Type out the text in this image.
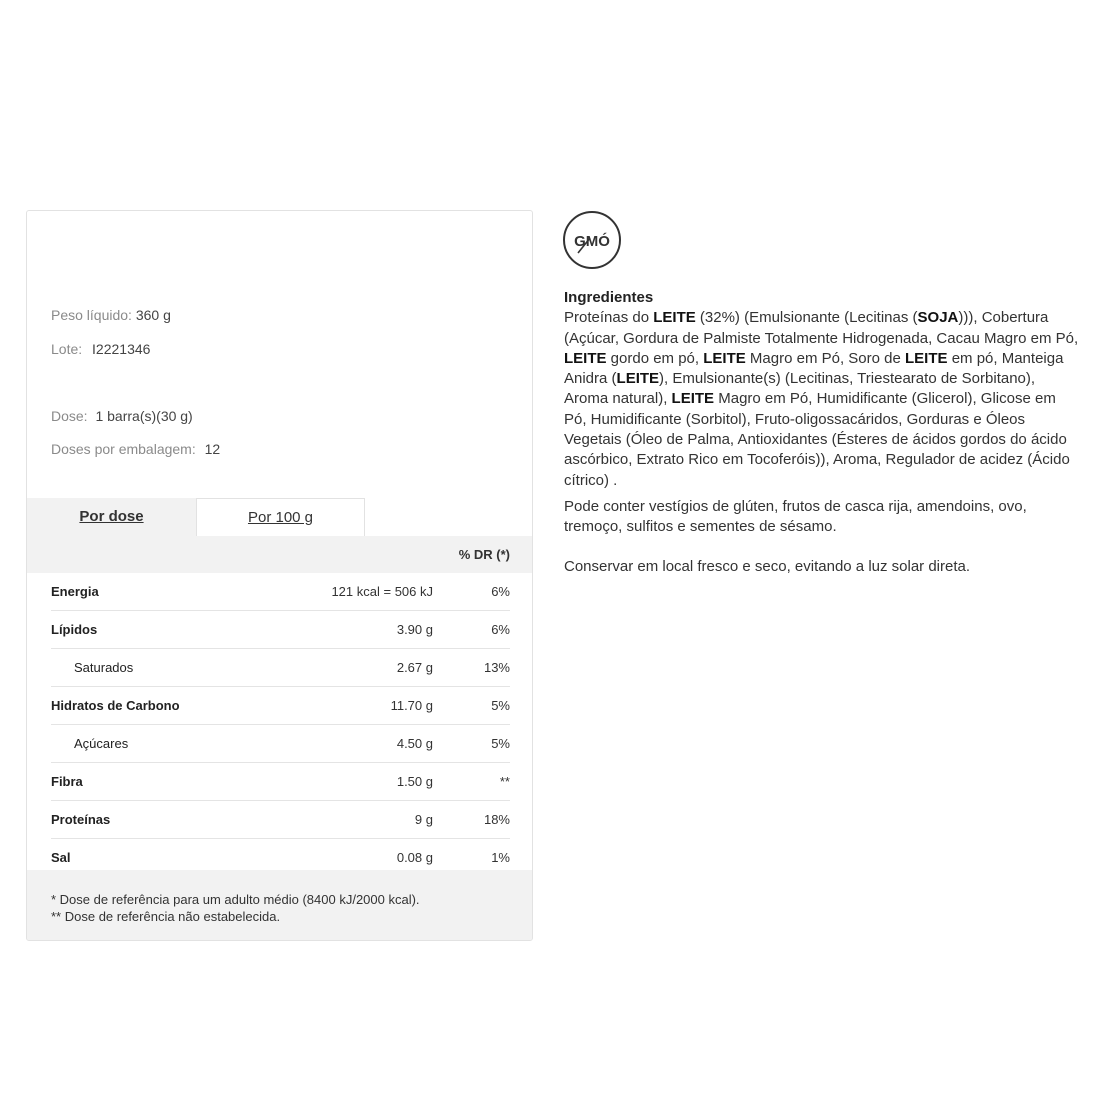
Peso líquido: 360 g
Lote: I2221346
Dose: 1 barra(s)(30 g)
Doses por embalagem: 12
Por dose	Por 100 g
% DR (*)
Energia	121 kcal = 506 kJ	6%
Lípidos	3.90 g	6%
Saturados	2.67 g	13%
Hidratos de Carbono	11.70 g	5%
Açúcares	4.50 g	5%
Fibra	1.50 g	**
Proteínas	9 g	18%
Sal	0.08 g	1%
* Dose de referência para um adulto médio (8400 kJ/2000 kcal).
** Dose de referência não estabelecida.
GMÓ
Ingredientes
Proteínas do LEITE (32%) (Emulsionante (Lecitinas (SOJA))), Cobertura (Açúcar, Gordura de Palmiste Totalmente Hidrogenada, Cacau Magro em Pó, LEITE gordo em pó, LEITE Magro em Pó, Soro de LEITE em pó, Manteiga Anidra (LEITE), Emulsionante(s) (Lecitinas, Triestearato de Sorbitano), Aroma natural), LEITE Magro em Pó, Humidificante (Glicerol), Glicose em Pó, Humidificante (Sorbitol), Fruto-oligossacáridos, Gorduras e Óleos Vegetais (Óleo de Palma, Antioxidantes (Ésteres de ácidos gordos do ácido ascórbico, Extrato Rico em Tocoferóis)), Aroma, Regulador de acidez (Ácido cítrico) .
Pode conter vestígios de glúten, frutos de casca rija, amendoins, ovo, tremoço, sulfitos e sementes de sésamo.
Conservar em local fresco e seco, evitando a luz solar direta.
